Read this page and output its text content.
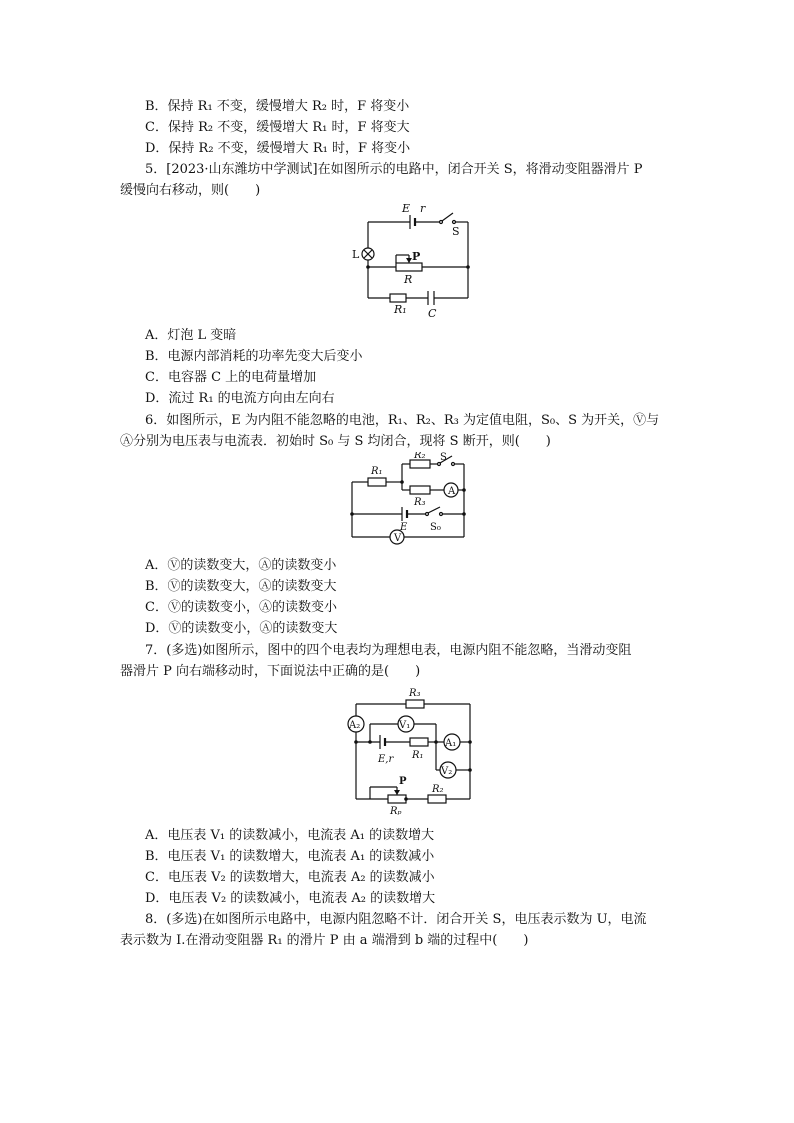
B．保持 R₁ 不变，缓慢增大 R₂ 时，F 将变小
C．保持 R₂ 不变，缓慢增大 R₁ 时，F 将变大
D．保持 R₂ 不变，缓慢增大 R₁ 时，F 将变小
5．[2023·山东潍坊中学测试]在如图所示的电路中，闭合开关 S，将滑动变阻器滑片 P
缓慢向右移动，则(　　)
E r
S
L	P
R
R₁ C
A．灯泡 L 变暗
B．电源内部消耗的功率先变大后变小
C．电容器 C 上的电荷量增加
D．流过 R₁ 的电流方向由左向右
6．如图所示，E 为内阻不能忽略的电池，R₁、R₂、R₃ 为定值电阻，S₀、S 为开关，Ⓥ与
Ⓐ分别为电压表与电流表．初始时 S₀ 与 S 均闭合，现将 S 断开，则(　　)
A
V
R₁
R₂ S
R₃
E S₀
A．Ⓥ的读数变大，Ⓐ的读数变小
B．Ⓥ的读数变大，Ⓐ的读数变大
C．Ⓥ的读数变小，Ⓐ的读数变小
D．Ⓥ的读数变小，Ⓐ的读数变大
7．(多选)如图所示，图中的四个电表均为理想电表，电源内阻不能忽略，当滑动变阻
器滑片 P 向右端移动时，下面说法中正确的是(　　)
R₃
A₂	V₁
A₁
E,r R₁
V₂
P
R₂
Rₚ
A．电压表 V₁ 的读数减小，电流表 A₁ 的读数增大
B．电压表 V₁ 的读数增大，电流表 A₁ 的读数减小
C．电压表 V₂ 的读数增大，电流表 A₂ 的读数减小
D．电压表 V₂ 的读数减小，电流表 A₂ 的读数增大
8．(多选)在如图所示电路中，电源内阻忽略不计．闭合开关 S，电压表示数为 U，电流
表示数为 I.在滑动变阻器 R₁ 的滑片 P 由 a 端滑到 b 端的过程中(　　)
